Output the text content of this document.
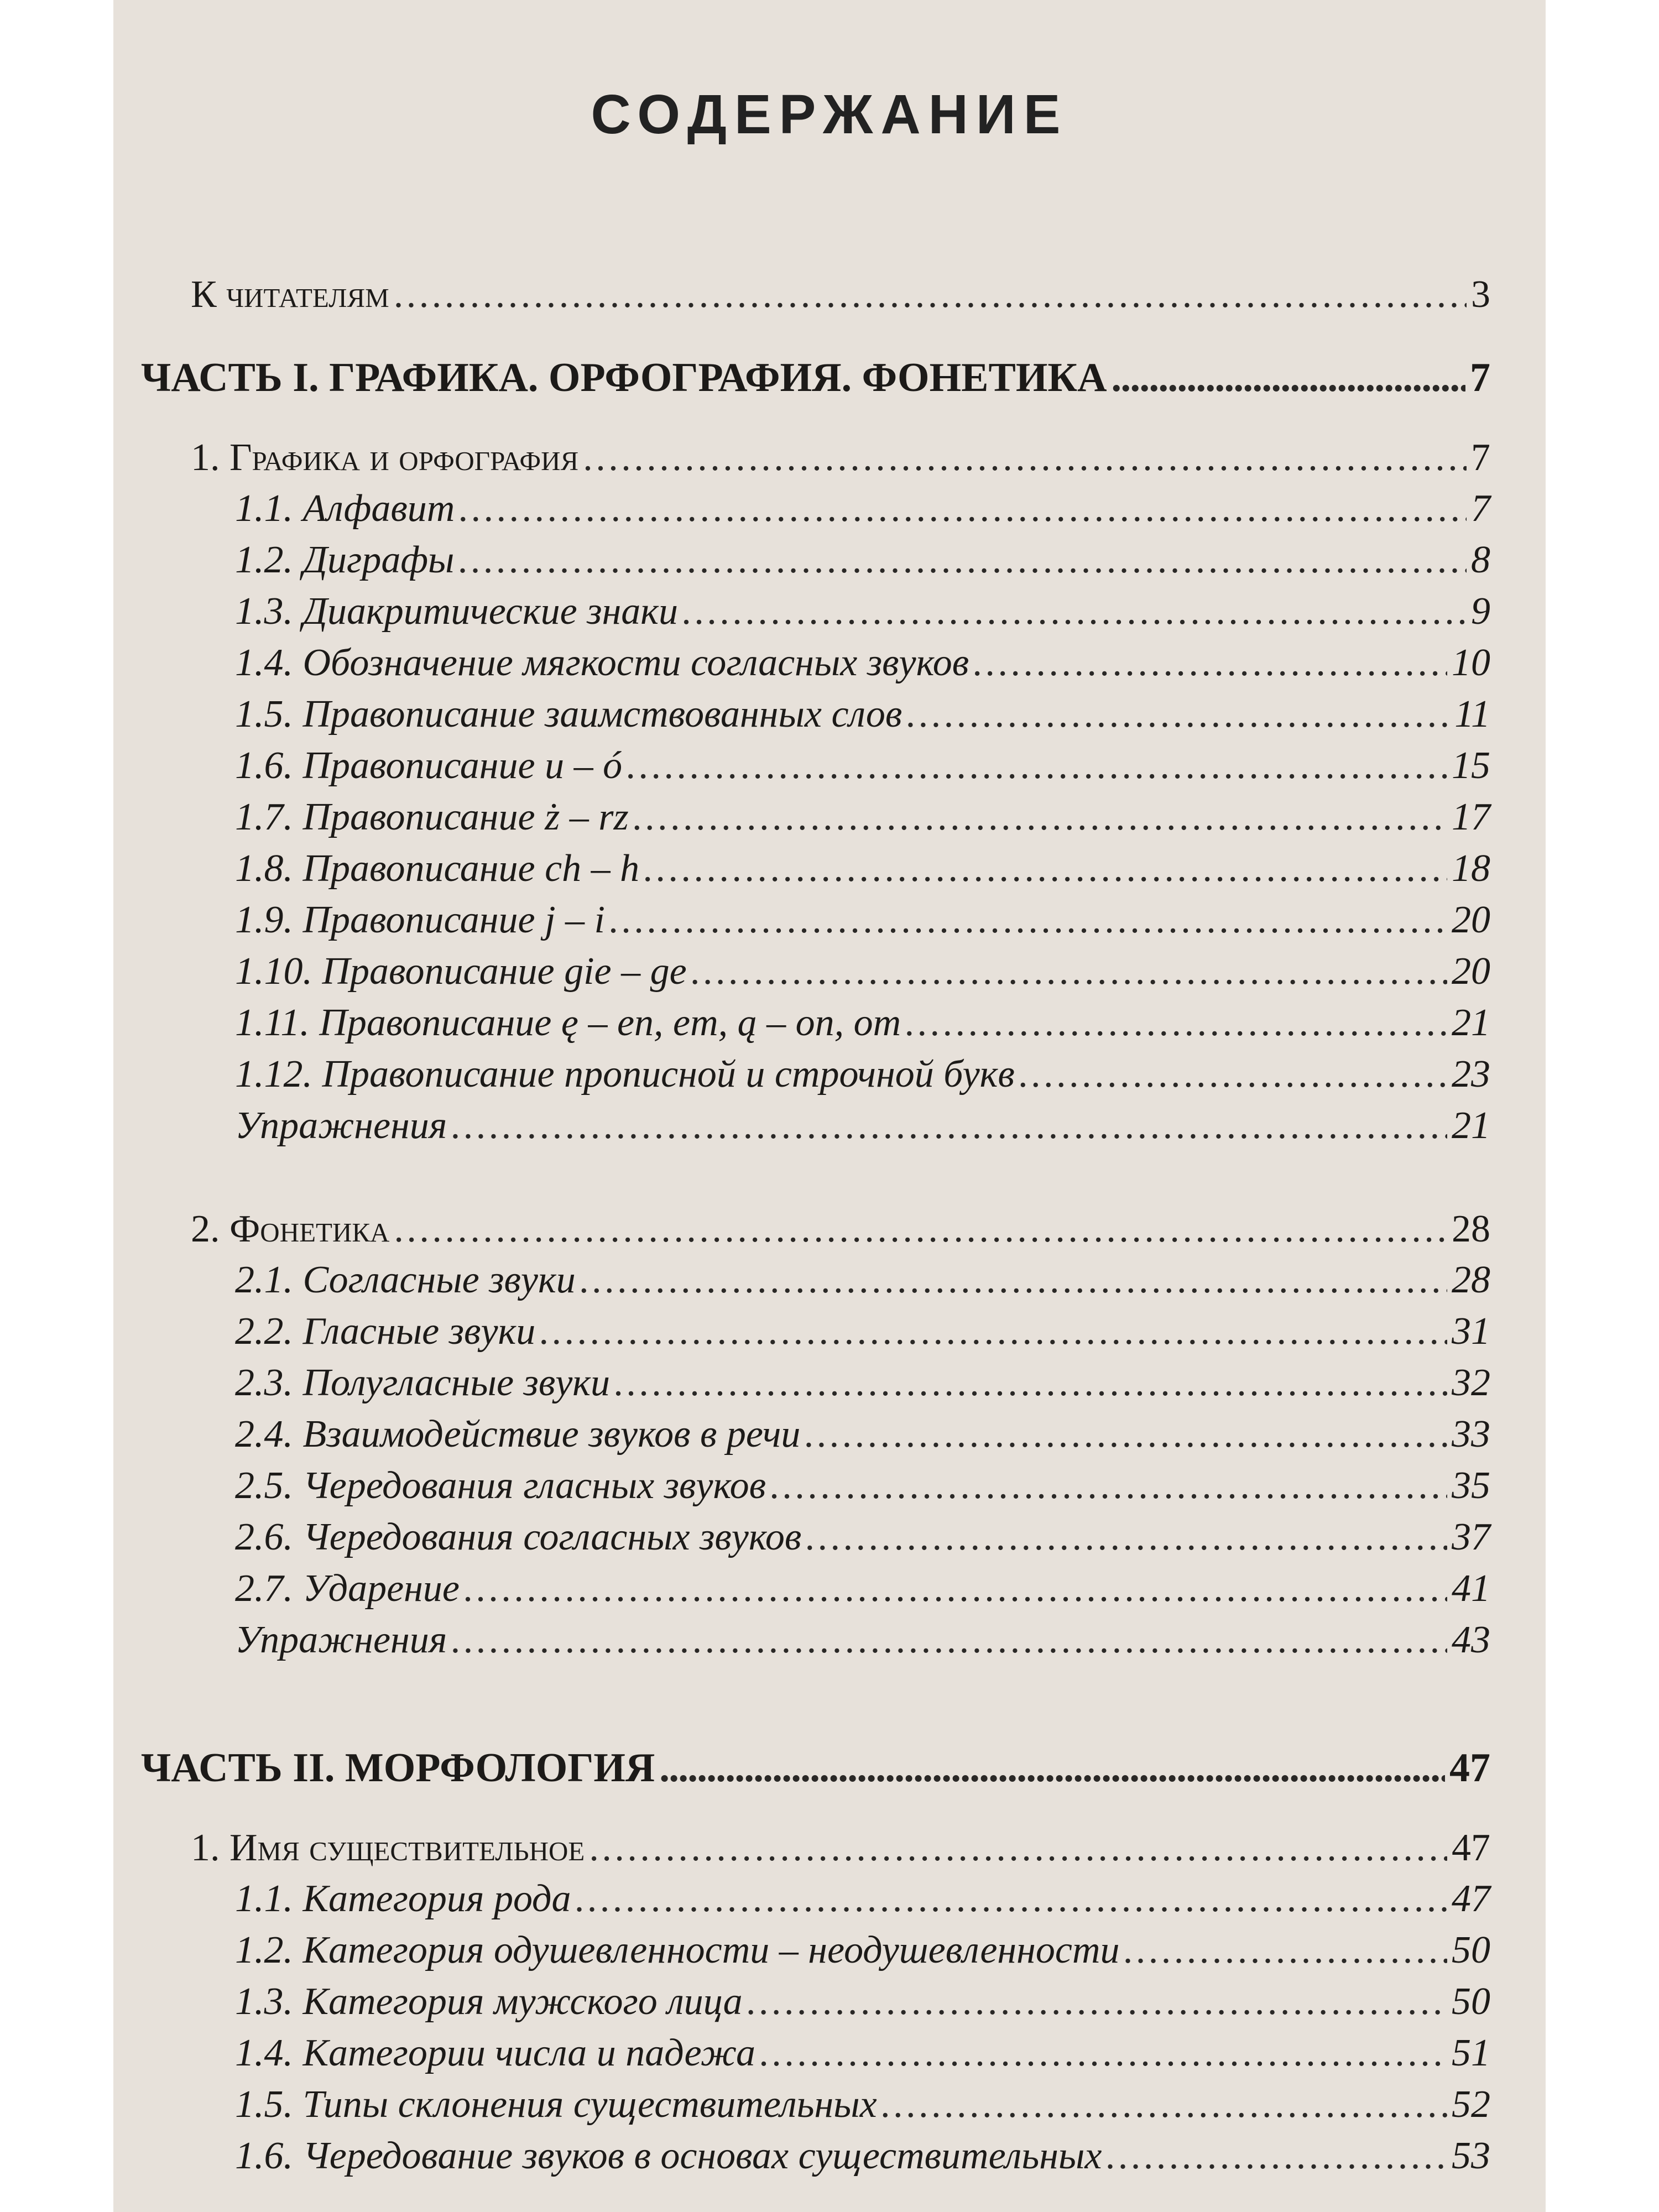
СОДЕРЖАНИЕ
К читателям . . .	3
ЧАСТЬ I. ГРАФИКА. ОРФОГРАФИЯ. ФОНЕТИКА . . .	7
1. Графика и орфография . . .	7
1.1. Алфавит . . .	7
1.2. Диграфы . . .	8
1.3. Диакритические знаки . . .	9
1.4. Обозначение мягкости согласных звуков . . .	10
1.5. Правописание заимствованных слов . . .	11
1.6. Правописание u – ó . . .	15
1.7. Правописание ż – rz . . .	17
1.8. Правописание ch – h . . .	18
1.9. Правописание j – i . . .	20
1.10. Правописание gie – ge . . .	20
1.11. Правописание ę – en, em, ą – on, om . . .	21
1.12. Правописание прописной и строчной букв . . .	23
Упражнения . . .	21
2. Фонетика . . .	28
2.1. Согласные звуки . . .	28
2.2. Гласные звуки . . .	31
2.3. Полугласные звуки . . .	32
2.4. Взаимодействие звуков в речи . . .	33
2.5. Чередования гласных звуков . . .	35
2.6. Чередования согласных звуков . . .	37
2.7. Ударение . . .	41
Упражнения . . .	43
ЧАСТЬ II. МОРФОЛОГИЯ . . .	47
1. Имя существительное . . .	47
1.1. Категория рода . . .	47
1.2. Категория одушевленности – неодушевленности . . .	50
1.3. Категория мужского лица . . .	50
1.4. Категории числа и падежа . . .	51
1.5. Типы склонения существительных . . .	52
1.6. Чередование звуков в основах существительных . . .	53
